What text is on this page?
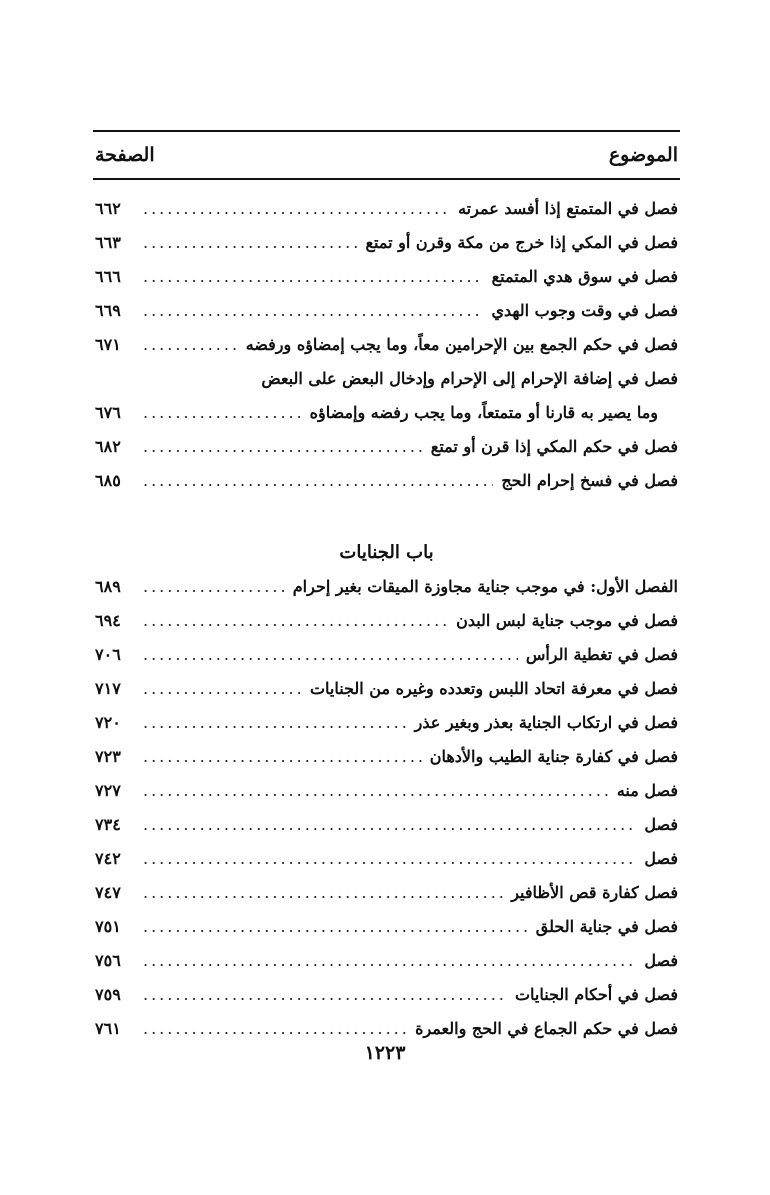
الموضوع
الصفحة
فصل في المتمتع إذا أفسد عمرته
.....
٦٦٢
فصل في المكي إذا خرج من مكة وقرن أو تمتع
.....
٦٦٣
فصل في سوق هدي المتمتع
.....
٦٦٦
فصل في وقت وجوب الهدي
.....
٦٦٩
فصل في حكم الجمع بين الإحرامين معاً، وما يجب إمضاؤه ورفضه
.....
٦٧١
فصل في إضافة الإحرام إلى الإحرام وإدخال البعض على البعض
وما يصير به قارنا أو متمتعاً، وما يجب رفضه وإمضاؤه
.....
٦٧٦
فصل في حكم المكي إذا قرن أو تمتع
.....
٦٨٢
فصل في فسخ إحرام الحج
.....
٦٨٥
باب الجنايات
الفصل الأول: في موجب جناية مجاوزة الميقات بغير إحرام
.....
٦٨٩
فصل في موجب جناية لبس البدن
.....
٦٩٤
فصل في تغطية الرأس
.....
٧٠٦
فصل في معرفة اتحاد اللبس وتعدده وغيره من الجنايات
.....
٧١٧
فصل في ارتكاب الجناية بعذر وبغير عذر
.....
٧٢٠
فصل في كفارة جناية الطيب والأدهان
.....
٧٢٣
فصل منه
.....
٧٢٧
فصل
.....
٧٣٤
فصل
.....
٧٤٢
فصل كفارة قص الأظافير
.....
٧٤٧
فصل في جناية الحلق
.....
٧٥١
فصل
.....
٧٥٦
فصل في أحكام الجنايات
.....
٧٥٩
فصل في حكم الجماع في الحج والعمرة
.....
٧٦١
١٢٢٣
